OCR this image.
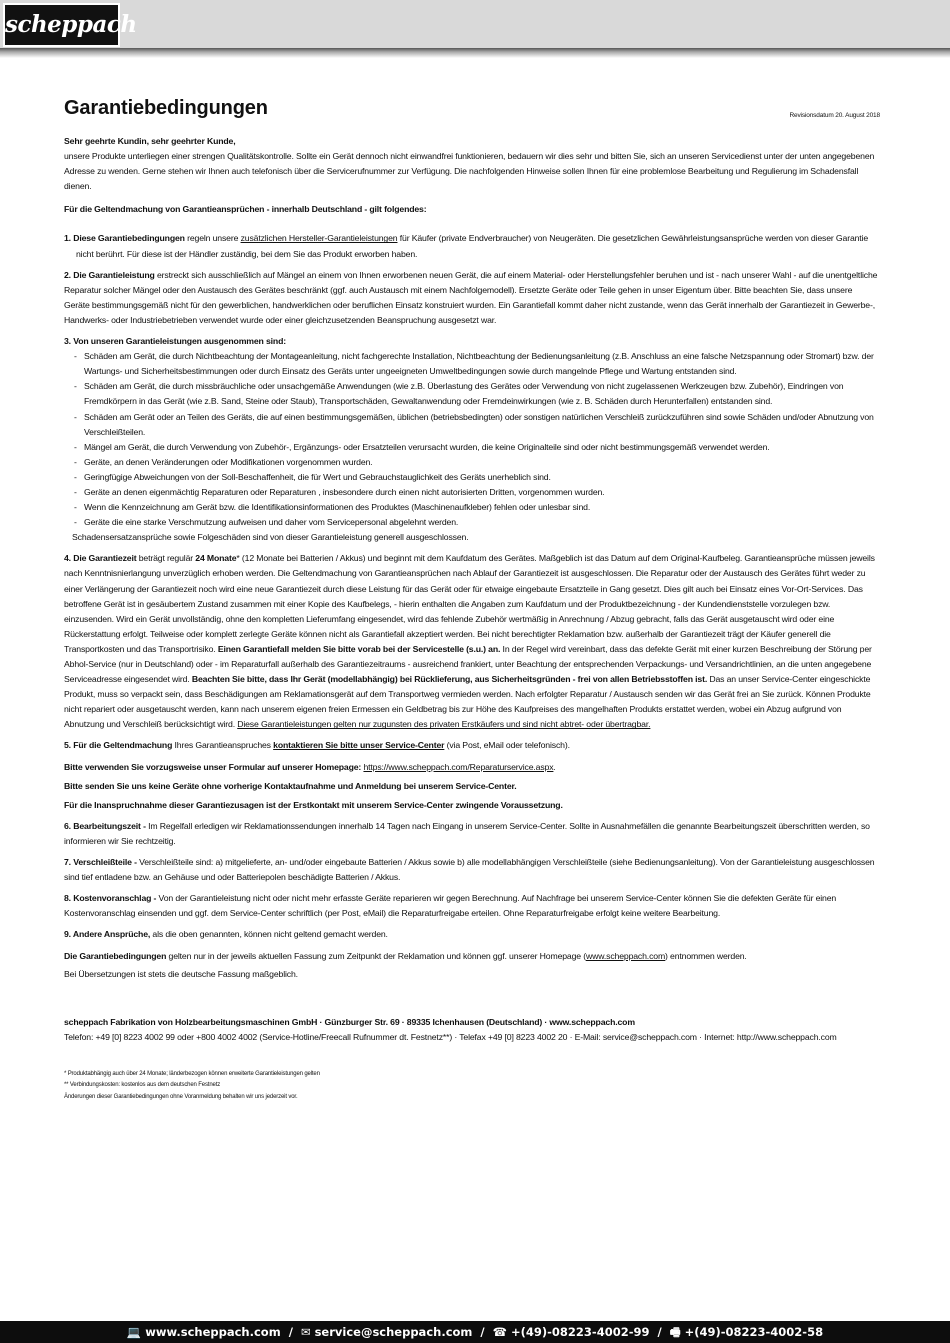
scheppach
Garantiebedingungen	Revisionsdatum 20. August 2018

Sehr geehrte Kundin, sehr geehrter Kunde,

unsere Produkte unterliegen einer strengen Qualitätskontrolle. Sollte ein Gerät dennoch nicht einwandfrei funktionieren, bedauern wir dies sehr und bitten Sie, sich an unseren Servicedienst unter der unten angegebenen Adresse zu wenden. Gerne stehen wir Ihnen auch telefonisch über die Servicerufnummer zur Verfügung. Die nachfolgenden Hinweise sollen Ihnen für eine problemlose Bearbeitung und Regulierung im Schadensfall dienen.

Für die Geltendmachung von Garantieansprüchen - innerhalb Deutschland - gilt folgendes:

1. Diese Garantiebedingungen regeln unsere zusätzlichen Hersteller-Garantieleistungen für Käufer (private Endverbraucher) von Neugeräten. Die gesetzlichen Gewährleistungsansprüche werden von dieser Garantie nicht berührt. Für diese ist der Händler zuständig, bei dem Sie das Produkt erworben haben.

2. Die Garantieleistung erstreckt sich ausschließlich auf Mängel an einem von Ihnen erworbenen neuen Gerät, die auf einem Material- oder Herstellungsfehler beruhen und ist - nach unserer Wahl - auf die unentgeltliche Reparatur solcher Mängel oder den Austausch des Gerätes beschränkt (ggf. auch Austausch mit einem Nachfolgemodell). Ersetzte Geräte oder Teile gehen in unser Eigentum über. Bitte beachten Sie, dass unsere Geräte bestimmungsgemäß nicht für den gewerblichen, handwerklichen oder beruflichen Einsatz konstruiert wurden. Ein Garantiefall kommt daher nicht zustande, wenn das Gerät innerhalb der Garantiezeit in Gewerbe-, Handwerks- oder Industriebetrieben verwendet wurde oder einer gleichzusetzenden Beanspruchung ausgesetzt war.

3. Von unseren Garantieleistungen ausgenommen sind:

- Schäden am Gerät, die durch Nichtbeachtung der Montageanleitung, nicht fachgerechte Installation, Nichtbeachtung der Bedienungsanleitung (z.B. Anschluss an eine falsche Netzspannung oder Stromart) bzw. der Wartungs- und Sicherheitsbestimmungen oder durch Einsatz des Geräts unter ungeeigneten Umweltbedingungen sowie durch mangelnde Pflege und Wartung entstanden sind.

- Schäden am Gerät, die durch missbräuchliche oder unsachgemäße Anwendungen (wie z.B. Überlastung des Gerätes oder Verwendung von nicht zugelassenen Werkzeugen bzw. Zubehör), Eindringen von Fremdkörpern in das Gerät (wie z.B. Sand, Steine oder Staub), Transportschäden, Gewaltanwendung oder Fremdeinwirkungen (wie z. B. Schäden durch Herunterfallen) entstanden sind.

- Schäden am Gerät oder an Teilen des Geräts, die auf einen bestimmungsgemäßen, üblichen (betriebsbedingten) oder sonstigen natürlichen Verschleiß zurückzuführen sind sowie Schäden und/oder Abnutzung von Verschleißteilen.

- Mängel am Gerät, die durch Verwendung von Zubehör-, Ergänzungs- oder Ersatzteilen verursacht wurden, die keine Originalteile sind oder nicht bestimmungsgemäß verwendet werden.

- Geräte, an denen Veränderungen oder Modifikationen vorgenommen wurden.

- Geringfügige Abweichungen von der Soll-Beschaffenheit, die für Wert und Gebrauchstauglichkeit des Geräts unerheblich sind.

- Geräte an denen eigenmächtig Reparaturen oder Reparaturen , insbesondere durch einen nicht autorisierten Dritten, vorgenommen wurden.

- Wenn die Kennzeichnung am Gerät bzw. die Identifikationsinformationen des Produktes (Maschinenaufkleber) fehlen oder unlesbar sind.

- Geräte die eine starke Verschmutzung aufweisen und daher vom Servicepersonal abgelehnt werden.

Schadensersatzansprüche sowie Folgeschäden sind von dieser Garantieleistung generell ausgeschlossen.

4. Die Garantiezeit beträgt regulär 24 Monate* (12 Monate bei Batterien / Akkus) und beginnt mit dem Kaufdatum des Gerätes. Maßgeblich ist das Datum auf dem Original-Kaufbeleg. Garantieansprüche müssen jeweils nach Kenntnisnierlangung unverzüglich erhoben werden. Die Geltendmachung von Garantieansprüchen nach Ablauf der Garantiezeit ist ausgeschlossen. Die Reparatur oder der Austausch des Gerätes führt weder zu einer Verlängerung der Garantiezeit noch wird eine neue Garantiezeit durch diese Leistung für das Gerät oder für etwaige eingebaute Ersatzteile in Gang gesetzt. Dies gilt auch bei Einsatz eines Vor-Ort-Services. Das betroffene Gerät ist in gesäubertem Zustand zusammen mit einer Kopie des Kaufbelegs, - hierin enthalten die Angaben zum Kaufdatum und der Produktbezeichnung - der Kundendienststelle vorzulegen bzw. einzusenden. Wird ein Gerät unvollständig, ohne den kompletten Lieferumfang eingesendet, wird das fehlende Zubehör wertmäßig in Anrechnung / Abzug gebracht, falls das Gerät ausgetauscht wird oder eine Rückerstattung erfolgt. Teilweise oder komplett zerlegte Geräte können nicht als Garantiefall akzeptiert werden. Bei nicht berechtigter Reklamation bzw. außerhalb der Garantiezeit trägt der Käufer generell die Transportkosten und das Transportrisiko. Einen Garantiefall melden Sie bitte vorab bei der Servicestelle (s.u.) an. In der Regel wird vereinbart, dass das defekte Gerät mit einer kurzen Beschreibung der Störung per Abhol-Service (nur in Deutschland) oder - im Reparaturfall außerhalb des Garantiezeitraums - ausreichend frankiert, unter Beachtung der entsprechenden Verpackungs- und Versandrichtlinien, an die unten angegebene Serviceadresse eingesendet wird. Beachten Sie bitte, dass Ihr Gerät (modellabhängig) bei Rücklieferung, aus Sicherheitsgründen - frei von allen Betriebsstoffen ist. Das an unser Service-Center eingeschickte Produkt, muss so verpackt sein, dass Beschädigungen am Reklamationsgerät auf dem Transportweg vermieden werden. Nach erfolgter Reparatur / Austausch senden wir das Gerät frei an Sie zurück. Können Produkte nicht repariert oder ausgetauscht werden, kann nach unserem eigenen freien Ermessen ein Geldbetrag bis zur Höhe des Kaufpreises des mangelhaften Produkts erstattet werden, wobei ein Abzug aufgrund von Abnutzung und Verschleiß berücksichtigt wird. Diese Garantieleistungen gelten nur zugunsten des privaten Erstkäufers und sind nicht abtret- oder übertragbar.

5. Für die Geltendmachung Ihres Garantieanspruches kontaktieren Sie bitte unser Service-Center (via Post, eMail oder telefonisch).

Bitte verwenden Sie vorzugsweise unser Formular auf unserer Homepage: https://www.scheppach.com/Reparaturservice.aspx.

Bitte senden Sie uns keine Geräte ohne vorherige Kontaktaufnahme und Anmeldung bei unserem Service-Center.

Für die Inanspruchnahme dieser Garantiezusagen ist der Erstkontakt mit unserem Service-Center zwingende Voraussetzung.

6. Bearbeitungszeit - Im Regelfall erledigen wir Reklamationssendungen innerhalb 14 Tagen nach Eingang in unserem Service-Center. Sollte in Ausnahmefällen die genannte Bearbeitungszeit überschritten werden, so informieren wir Sie rechtzeitig.

7. Verschleißteile - Verschleißteile sind: a) mitgelieferte, an- und/oder eingebaute Batterien / Akkus sowie b) alle modellabhängigen Verschleißteile (siehe Bedienungsanleitung). Von der Garantieleistung ausgeschlossen sind tief entladene bzw. an Gehäuse und oder Batteriepolen beschädigte Batterien / Akkus.

8. Kostenvoranschlag - Von der Garantieleistung nicht oder nicht mehr erfasste Geräte reparieren wir gegen Berechnung. Auf Nachfrage bei unserem Service-Center können Sie die defekten Geräte für einen Kostenvoranschlag einsenden und ggf. dem Service-Center schriftlich (per Post, eMail) die Reparaturfreigabe erteilen. Ohne Reparaturfreigabe erfolgt keine weitere Bearbeitung.

9. Andere Ansprüche, als die oben genannten, können nicht geltend gemacht werden.

Die Garantiebedingungen gelten nur in der jeweils aktuellen Fassung zum Zeitpunkt der Reklamation und können ggf. unserer Homepage (www.scheppach.com) entnommen werden.

Bei Übersetzungen ist stets die deutsche Fassung maßgeblich.

scheppach Fabrikation von Holzbearbeitungsmaschinen GmbH · Günzburger Str. 69 · 89335 Ichenhausen (Deutschland) · www.scheppach.com

Telefon: +49 [0] 8223 4002 99 oder +800 4002 4002 (Service-Hotline/Freecall Rufnummer dt. Festnetz**) · Telefax +49 [0] 8223 4002 20 · E-Mail: service@scheppach.com · Internet: http://www.scheppach.com

* Produktabhängig auch über 24 Monate; länderbezogen können erweiterte Garantieleistungen gelten

** Verbindungskosten: kostenlos aus dem deutschen Festnetz

Änderungen dieser Garantiebedingungen ohne Voranmeldung behalten wir uns jederzeit vor.

💻 www.scheppach.com / ✉ service@scheppach.com / ☎ +(49)-08223-4002-99 / 🖷 +(49)-08223-4002-58
